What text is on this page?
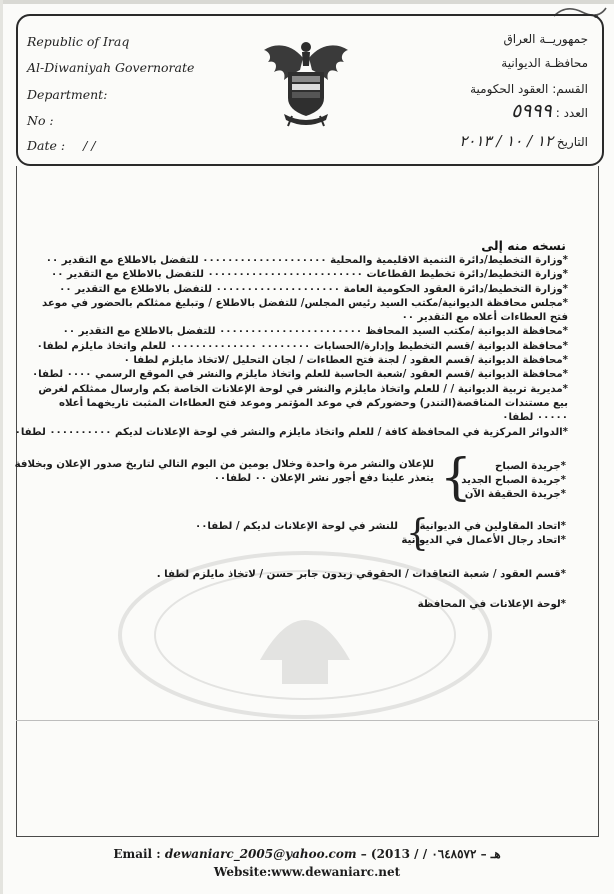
Republic of Iraq
Al-Diwaniyah Governorate
Department:
No :
Date : / /
جمهوريــة العراق
محافظـة الديوانية
القسم: العقود الحكومية
العدد : ٥٩٩٩
التاريخ ١٢ / ١٠ / ٢٠١٣
نسخه منه إلى
*وزارة التخطيط/دائرة التنمية الاقليمية والمحلية ٠٠٠٠٠٠٠٠٠٠٠٠٠٠٠٠٠٠٠٠ للتفضل بالاطلاع مع التقدير ٠٠
*وزارة التخطيط/دائرة تخطيط القطاعات ٠٠٠٠٠٠٠٠٠٠٠٠٠٠٠٠٠٠٠٠٠٠٠٠٠ للتفضل بالاطلاع مع التقدير ٠٠
*وزارة التخطيط/دائرة العقود الحكومية العامة ٠٠٠٠٠٠٠٠٠٠٠٠٠٠٠٠٠٠٠٠ للتفضل بالاطلاع مع التقدير ٠٠
*مجلس محافظة الديوانية/مكتب السيد رئيس المجلس/ للتفضل بالاطلاع / وتبليغ ممثلكم بالحضور في موعد فتح العطاءات أعلاه مع التقدير ٠٠
*محافظة الديوانية /مكتب السيد المحافظ ٠٠٠٠٠٠٠٠٠٠٠٠٠٠٠٠٠٠٠٠٠٠٠ للتفضل بالاطلاع مع التقدير ٠٠
*محافظة الديوانية /قسم التخطيط وإدارة/الحسابات ٠٠٠٠٠٠٠٠ ٠٠٠٠٠٠٠٠٠٠٠٠٠٠ للعلم واتخاذ مايلزم لطفا٠
*محافظة الديوانية /قسم العقود / لجنة فتح العطاءات / لجان التحليل /لاتخاذ مايلزم لطفا ٠
*محافظة الديوانية /قسم العقود /شعبة الحاسبة للعلم واتخاذ مايلزم والنشر في الموقع الرسمي ٠٠٠٠ لطفا٠
*مديرية تربية الديوانية / / للعلم واتخاذ مايلزم والنشر في لوحة الإعلانات الخاصة بكم وارسال ممثلكم لغرض بيع مستندات المناقصة(التندر) وحضوركم في موعد المؤتمر وموعد فتح العطاءات المثبت تاريخهما أعلاه ٠٠٠٠٠ لطفا٠
*الدوائر المركزية في المحافظة كافة / للعلم واتخاذ مايلزم والنشر في لوحة الإعلانات لديكم ٠٠٠٠٠٠٠٠٠٠ لطفا٠
*جريدة الصباح
*جريدة الصباح الجديد
*جريدة الحقيقة الآن
{
للإعلان والنشر مرة واحدة وخلال يومين من اليوم التالي لتاريخ صدور الإعلان وبخلافة
يتعذر علينا دفع أجور نشر الإعلان ٠٠ لطفا٠٠
*اتحاد المقاولين في الديوانية
*اتحاد رجال الأعمال في الديوانية
{
للنشر في لوحة الإعلانات لديكم / لطفا٠٠
*قسم العقود / شعبة التعاقدات / الحقوقي زيدون جابر حسن / لاتخاذ مايلزم لطفا .
*لوحة الإعلانات في المحافظة
Email : dewaniarc_2005@yahoo.com – (2013 / / ٠٦٤٨٥٧٢ – ‎هـ
Website:www.dewaniarc.net
